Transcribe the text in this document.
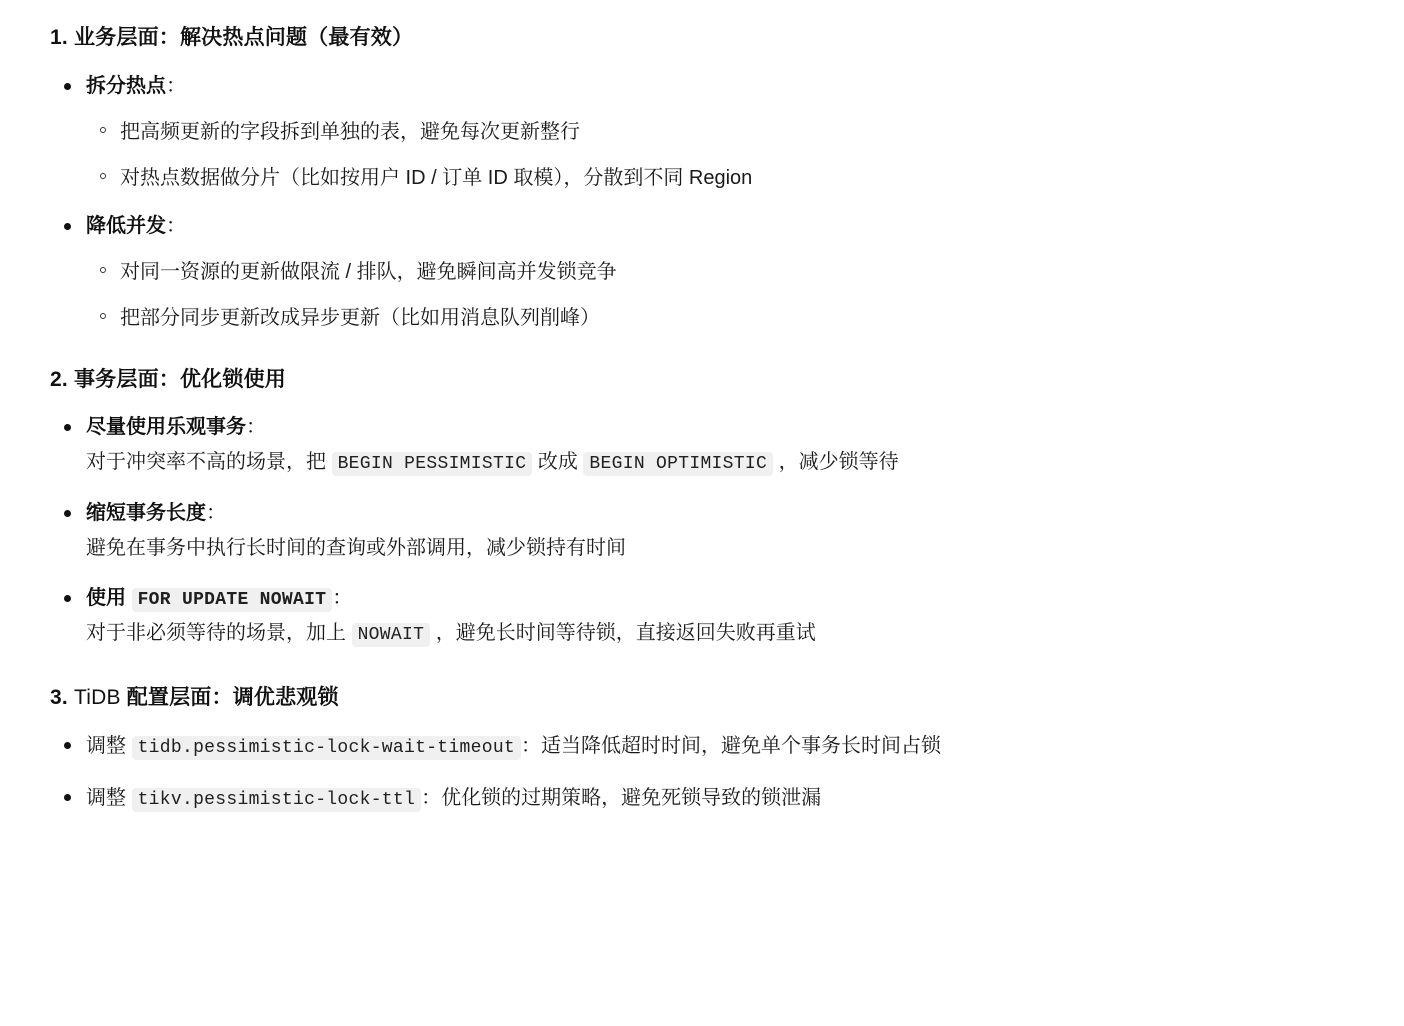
1. 业务层面：解决热点问题（最有效）
拆分热点：
把高频更新的字段拆到单独的表，避免每次更新整行
对热点数据做分片（比如按用户 ID / 订单 ID 取模），分散到不同 Region
降低并发：
对同一资源的更新做限流 / 排队，避免瞬间高并发锁竞争
把部分同步更新改成异步更新（比如用消息队列削峰）
2. 事务层面：优化锁使用
尽量使用乐观事务：
对于冲突率不高的场景，把 BEGIN PESSIMISTIC 改成 BEGIN OPTIMISTIC ，减少锁等待
缩短事务长度：
避免在事务中执行长时间的查询或外部调用，减少锁持有时间
使用 FOR UPDATE NOWAIT ：
对于非必须等待的场景，加上 NOWAIT ，避免长时间等待锁，直接返回失败再重试
3. TiDB 配置层面：调优悲观锁
调整 tidb.pessimistic-lock-wait-timeout ：适当降低超时时间，避免单个事务长时间占锁
调整 tikv.pessimistic-lock-ttl ：优化锁的过期策略，避免死锁导致的锁泄漏
